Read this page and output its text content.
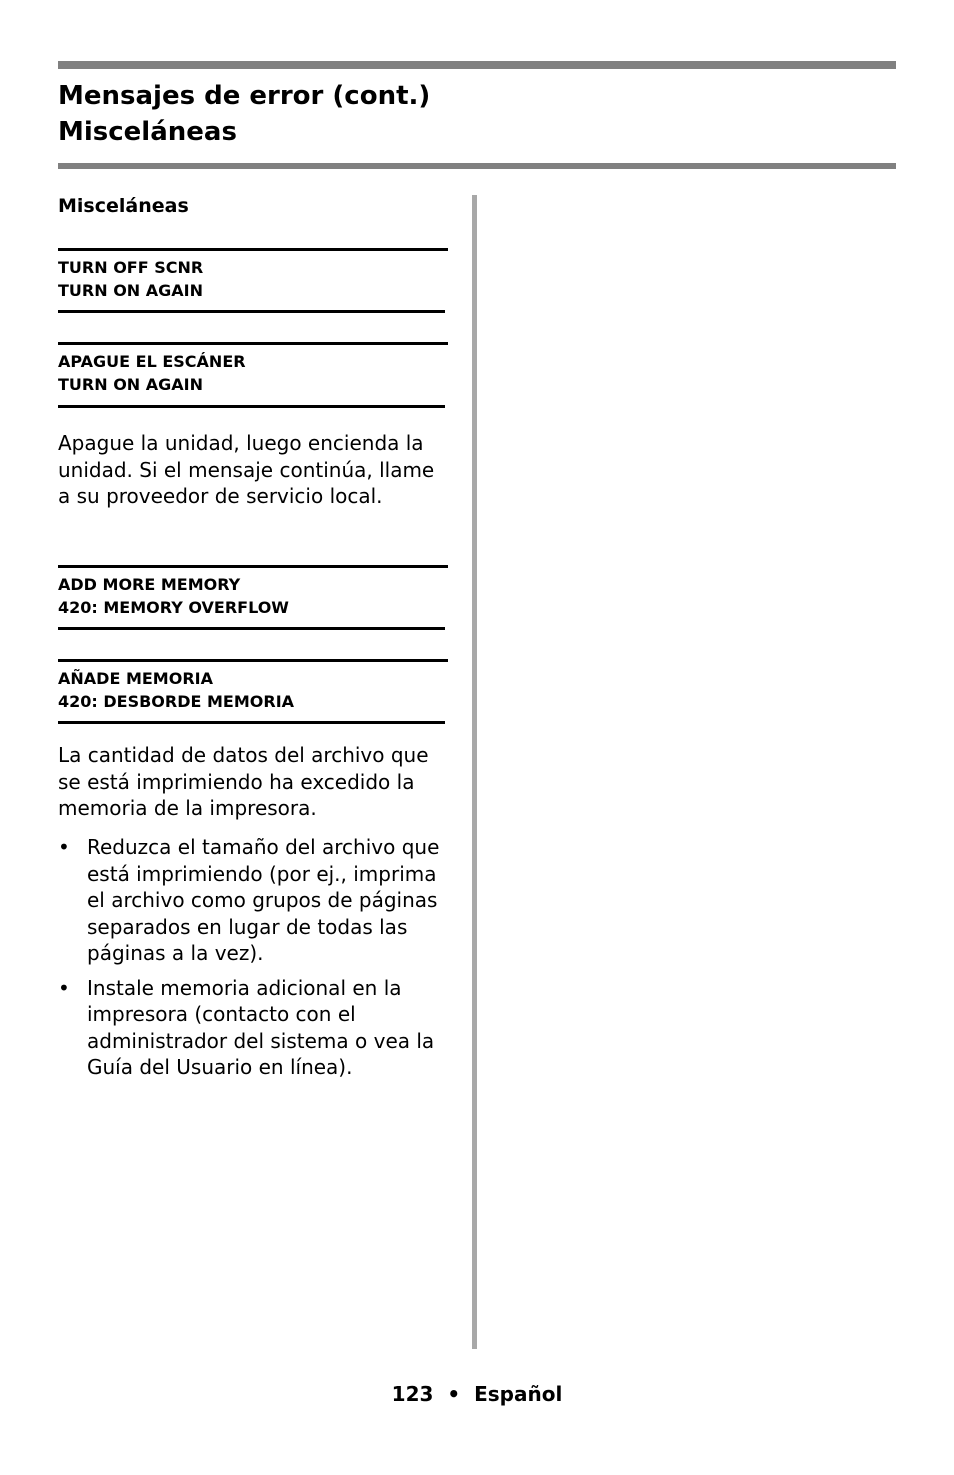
Mensajes de error (cont.)
Misceláneas
Misceláneas
TURN OFF SCNR
TURN ON AGAIN
APAGUE EL ESCÁNER
TURN ON AGAIN

Apague la unidad, luego encienda la unidad. Si el mensaje continúa, llame a su proveedor de servicio local.

ADD MORE MEMORY
420: MEMORY OVERFLOW
AÑADE MEMORIA
420: DESBORDE MEMORIA

La cantidad de datos del archivo que se está imprimiendo ha excedido la memoria de la impresora.

• Reduzca el tamaño del archivo que está imprimiendo (por ej., imprima el archivo como grupos de páginas separados en lugar de todas las páginas a la vez).
• Instale memoria adicional en la impresora (contacto con el administrador del sistema o vea la Guía del Usuario en línea).
123 • Español
